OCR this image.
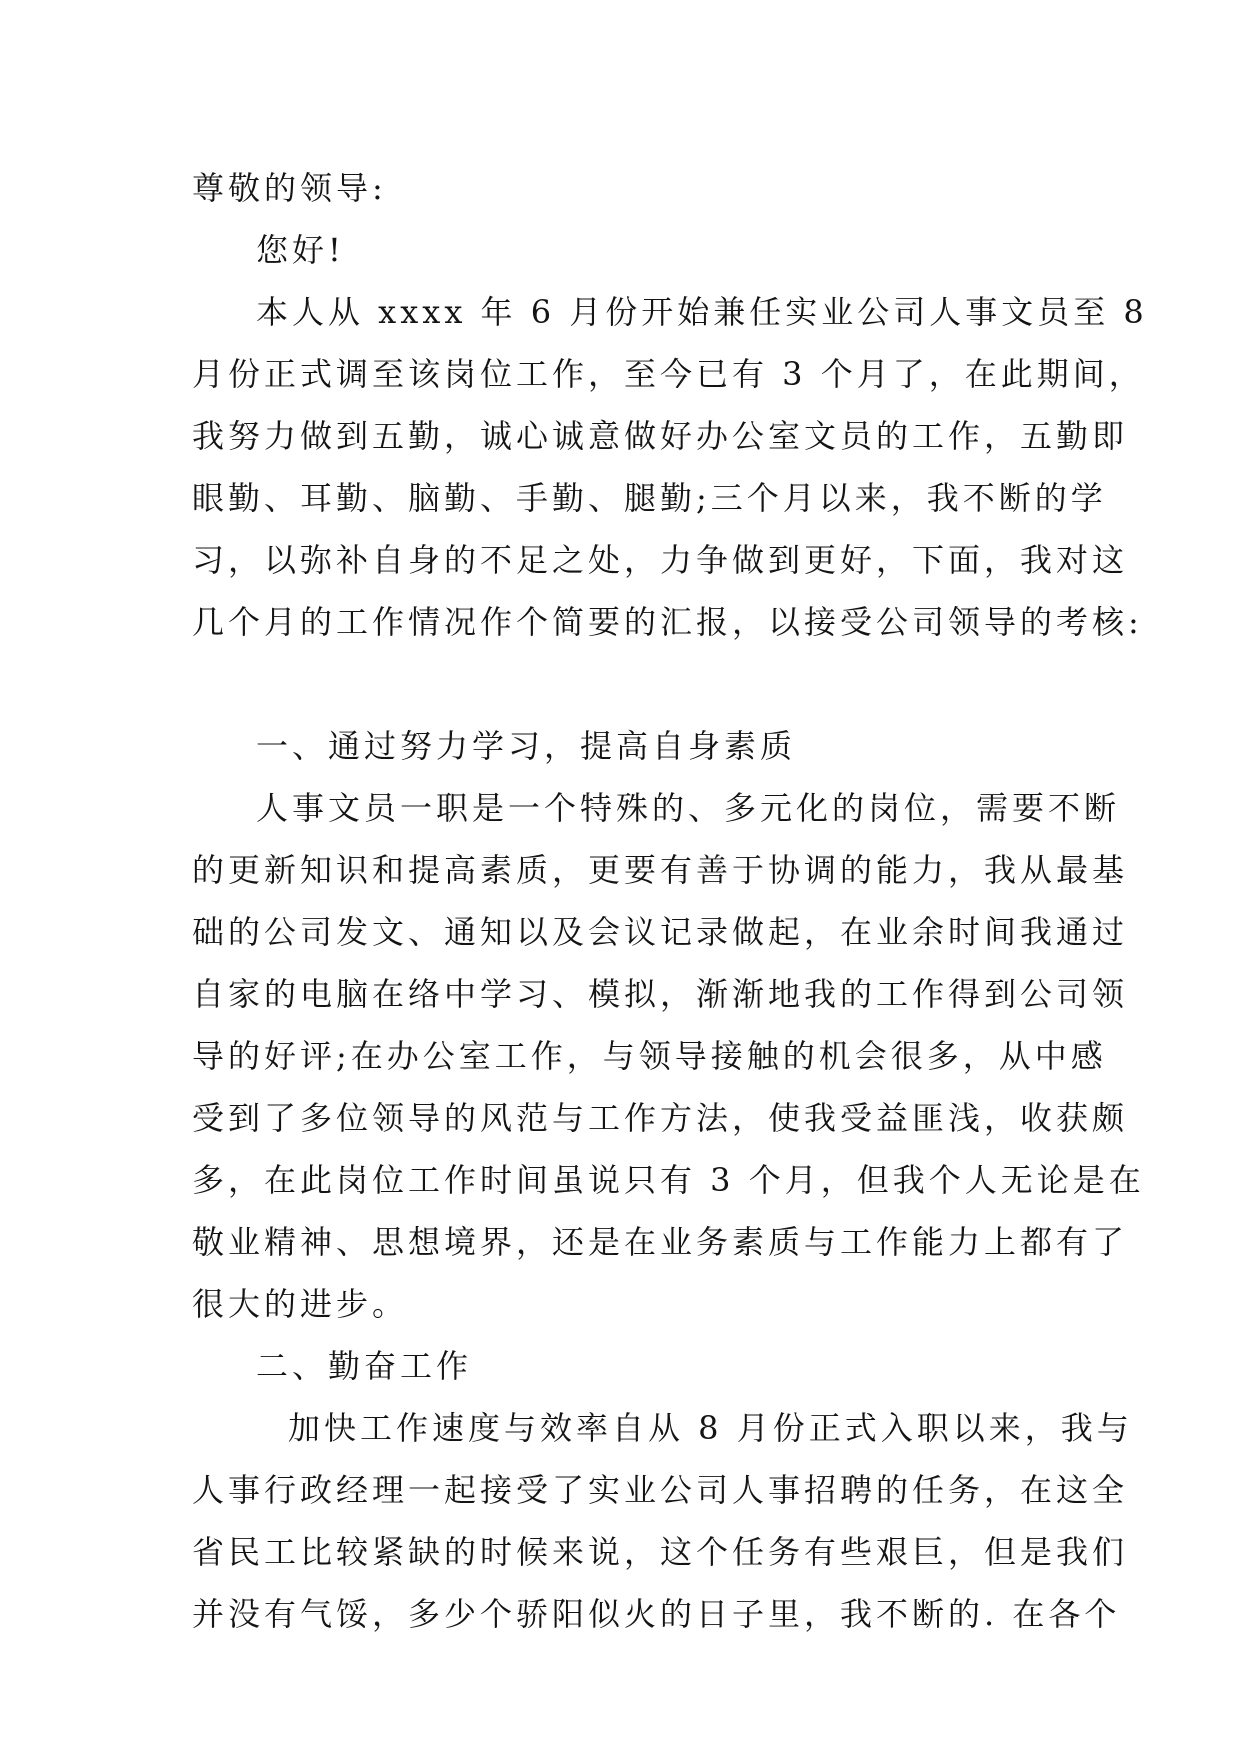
尊敬的领导:
您好!
本人从 xxxx 年 6 月份开始兼任实业公司人事文员至 8
月份正式调至该岗位工作，至今已有 3 个月了，在此期间，
我努力做到五勤，诚心诚意做好办公室文员的工作，五勤即
眼勤、耳勤、脑勤、手勤、腿勤;三个月以来，我不断的学
习，以弥补自身的不足之处，力争做到更好，下面，我对这
几个月的工作情况作个简要的汇报，以接受公司领导的考核:
一、通过努力学习，提高自身素质
人事文员一职是一个特殊的、多元化的岗位，需要不断
的更新知识和提高素质，更要有善于协调的能力，我从最基
础的公司发文、通知以及会议记录做起，在业余时间我通过
自家的电脑在络中学习、模拟，渐渐地我的工作得到公司领
导的好评;在办公室工作，与领导接触的机会很多，从中感
受到了多位领导的风范与工作方法，使我受益匪浅，收获颇
多，在此岗位工作时间虽说只有 3 个月，但我个人无论是在
敬业精神、思想境界，还是在业务素质与工作能力上都有了
很大的进步。
二、勤奋工作
加快工作速度与效率自从 8 月份正式入职以来，我与
人事行政经理一起接受了实业公司人事招聘的任务，在这全
省民工比较紧缺的时候来说，这个任务有些艰巨，但是我们
并没有气馁，多少个骄阳似火的日子里，我不断的. 在各个
